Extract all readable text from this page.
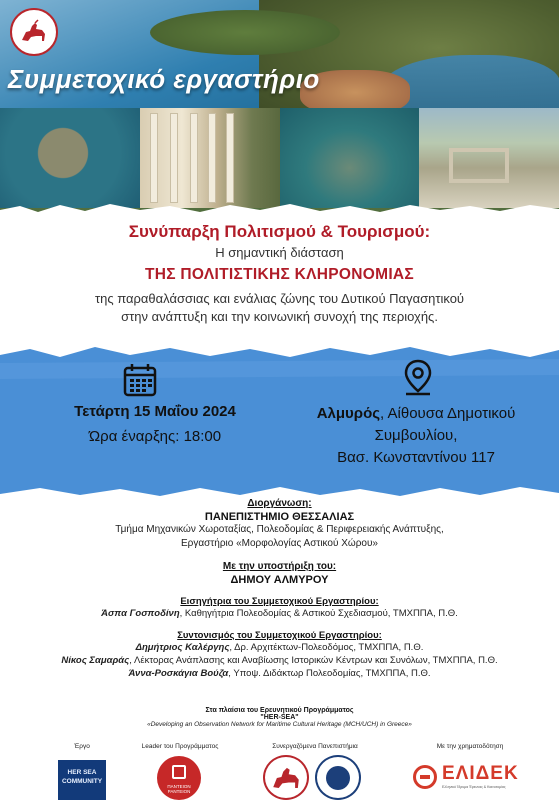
Συμμετοχικό εργαστήριο
Συνύπαρξη Πολιτισμού & Τουρισμού:
Η σημαντική διάσταση
ΤΗΣ ΠΟΛΙΤΙΣΤΙΚΗΣ ΚΛΗΡΟΝΟΜΙΑΣ
της παραθαλάσσιας και ενάλιας ζώνης του Δυτικού Παγασητικού
στην ανάπτυξη και την κοινωνική συνοχή της περιοχής.
Τετάρτη 15 Μαΐου 2024
Ώρα έναρξης: 18:00
Αλμυρός, Αίθουσα Δημοτικού
Συμβουλίου,
Βασ. Κωνσταντίνου 117
Διοργάνωση:
ΠΑΝΕΠΙΣΤΗΜΙΟ ΘΕΣΣΑΛΙΑΣ
Τμήμα Μηχανικών Χωροταξίας, Πολεοδομίας & Περιφερειακής Ανάπτυξης,
Εργαστήριο «Μορφολογίας Αστικού Χώρου»
Με την υποστήριξη του:
ΔΗΜΟΥ ΑΛΜΥΡΟΥ
Εισηγήτρια του Συμμετοχικού Εργαστηρίου:
Άσπα Γοσποδίνη, Καθηγήτρια Πολεοδομίας & Αστικού Σχεδιασμού, ΤΜΧΠΠΑ, Π.Θ.
Συντονισμός του Συμμετοχικού Εργαστηρίου:
Δημήτριος Καλέργης, Δρ. Αρχιτέκτων-Πολεοδόμος, ΤΜΧΠΠΑ, Π.Θ.
Νίκος Σαμαράς, Λέκτορας Ανάπλασης και Αναβίωσης Ιστορικών Κέντρων και Συνόλων, ΤΜΧΠΠΑ, Π.Θ.
Άννα-Ροσκάγια Βούζα, Υποψ. Διδάκτωρ Πολεοδομίας, ΤΜΧΠΠΑ, Π.Θ.
Στα πλαίσια του Ερευνητικού Προγράμματος
"HER-SEA"
«Developing an Observation Network for Maritime Cultural Heritage (MCH/UCH) in Greece»
Έργο	Leader του Προγράμματος	Συνεργαζόμενα Πανεπιστήμια	Με την χρηματοδότηση
HER SEA COMMUNITY
ΠΑΝΤΕΙΟΝ PANTEION
ΕΛΙΔΕΚ
Ελληνικό Ίδρυμα Έρευνας & Καινοτομίας
